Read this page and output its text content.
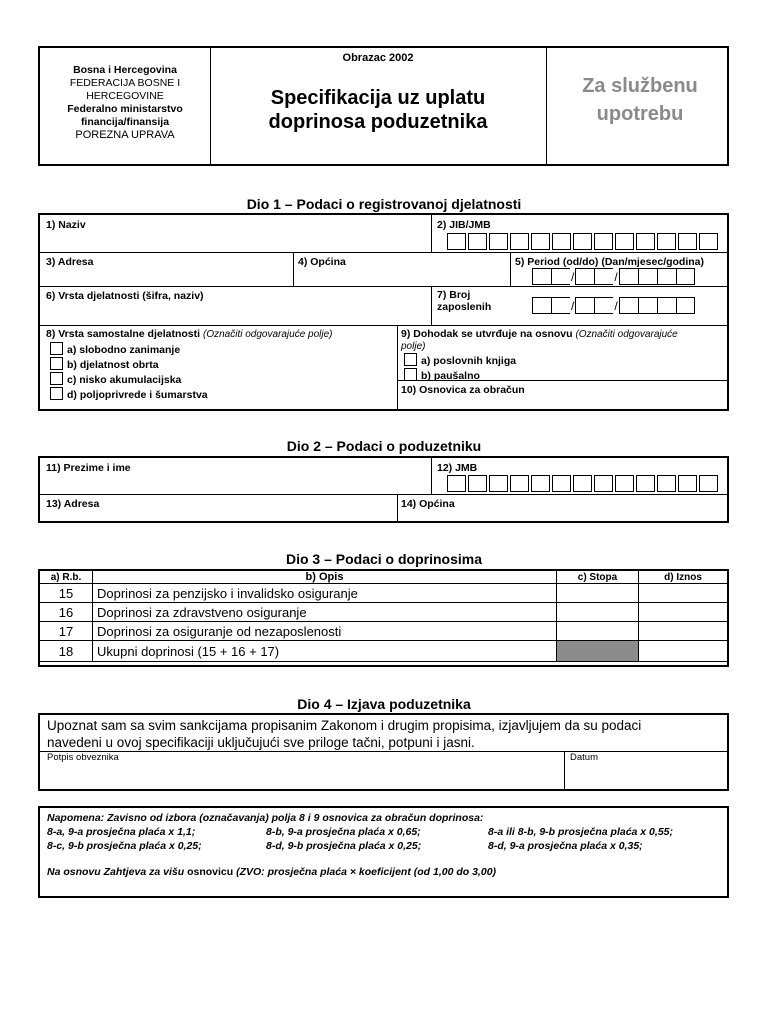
Bosna i Hercegovina
FEDERACIJA BOSNE I HERCEGOVINE
Federalno ministarstvo financija/finansija
POREZNA UPRAVA
Obrazac 2002
Specifikacija uz uplatu doprinosa poduzetnika
Za službenu upotrebu
Dio 1 – Podaci o registrovanoj djelatnosti
1) Naziv	2) JIB/JMB
3) Adresa	4) Općina	5) Period (od/do) (Dan/mjesec/godina)
/	/
6) Vrsta djelatnosti (šifra, naziv)	7) Broj
zaposlenih	/	/
8) Vrsta samostalne djelatnosti (Označiti odgovarajuće polje)
a) slobodno zanimanje
b) djelatnost obrta
c) nisko akumulacijska
d) poljoprivrede i šumarstva
9) Dohodak se utvrđuje na osnovu (Označiti odgovarajuće
polje)
a) poslovnih knjiga
b) paušalno
10) Osnovica za obračun
Dio 2 – Podaci o poduzetniku
11) Prezime i ime	12) JMB
13) Adresa	14) Općina
Dio 3 – Podaci o doprinosima
a) R.b.	b) Opis	c) Stopa	d) Iznos
15	Doprinosi za penzijsko i invalidsko osiguranje		
16	Doprinosi za zdravstveno osiguranje		
17	Doprinosi za osiguranje od nezaposlenosti		
18	Ukupni doprinosi (15 + 16 + 17)		
Dio 4 – Izjava poduzetnika
Upoznat sam sa svim sankcijama propisanim Zakonom i drugim propisima, izjavljujem da su podaci
navedeni u ovoj specifikaciji uključujući sve priloge tačni, potpuni i jasni.
Potpis obveznika	Datum
Napomena: Zavisno od izbora (označavanja) polja 8 i 9 osnovica za obračun doprinosa:
8-a, 9-a prosječna plaća x 1,1;	8-b, 9-a prosječna plaća x 0,65;	8-a ili 8-b, 9-b prosječna plaća x 0,55;
8-c, 9-b prosječna plaća x 0,25;	8-d, 9-b prosječna plaća x 0,25;	8-d, 9-a prosječna plaća x 0,35;
Na osnovu Zahtjeva za višu osnovicu (ZVO: prosječna plaća × koeficijent (od 1,00 do 3,00)
